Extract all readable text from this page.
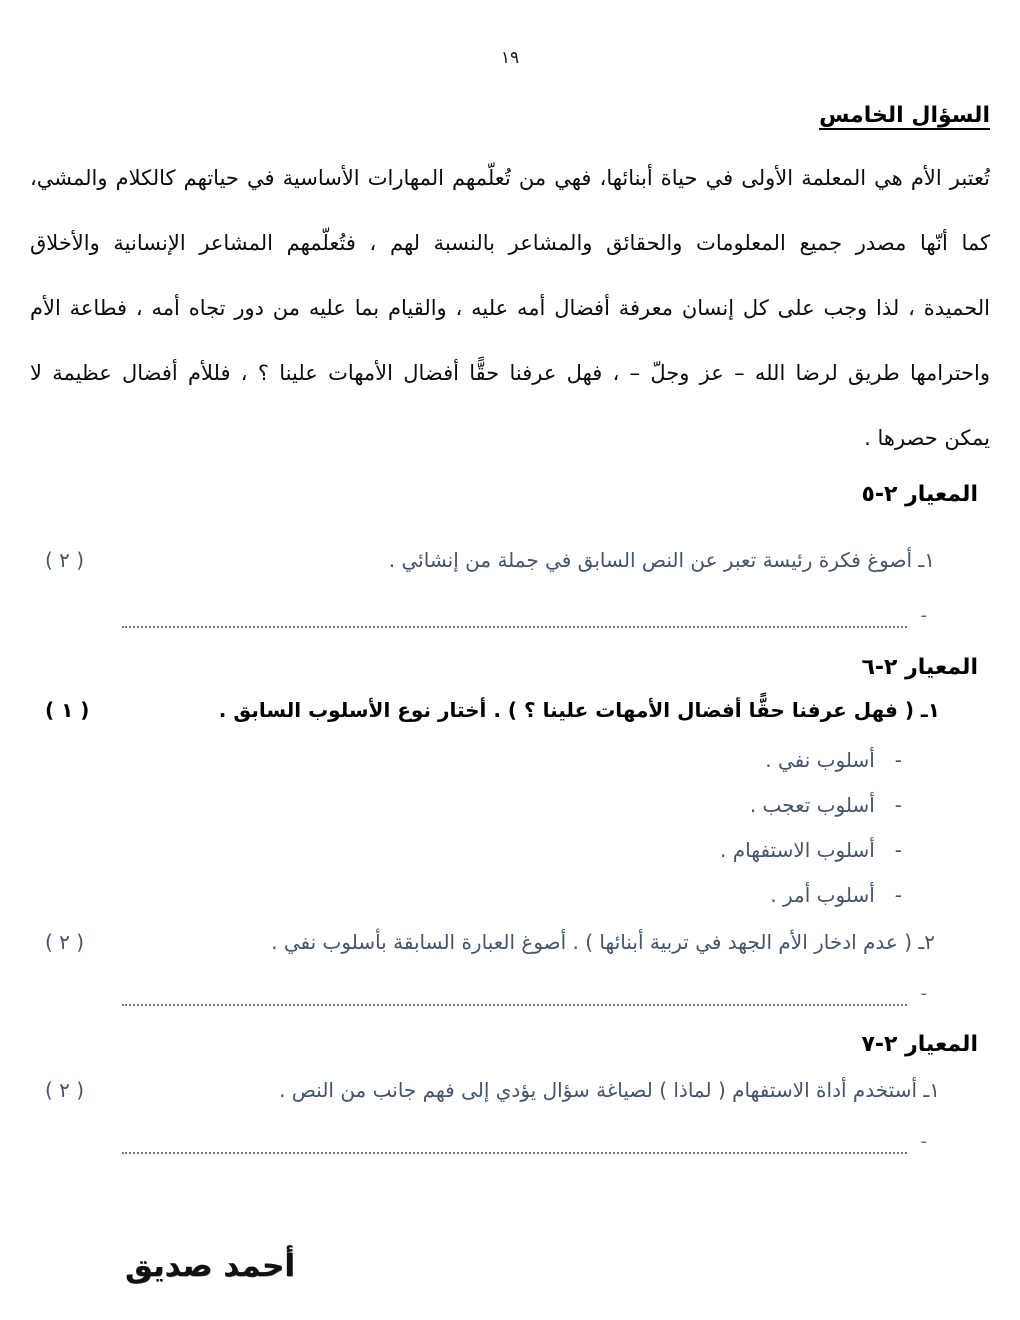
١٩
السؤال الخامس
تُعتبر الأم هي المعلمة الأولى في حياة أبنائها، فهي من تُعلّمهم المهارات الأساسية في حياتهم كالكلام والمشي،
كما أنّها مصدر جميع المعلومات والحقائق والمشاعر بالنسبة لهم ، فتُعلّمهم المشاعر الإنسانية والأخلاق
الحميدة ، لذا وجب على كل إنسان معرفة أفضال أمه عليه ، والقيام بما عليه من دور تجاه أمه ، فطاعة الأم
واحترامها طريق لرضا الله – عز وجلّ – ، فهل عرفنا حقًّا أفضال الأمهات علينا ؟ ، فللأم أفضال عظيمة لا
يمكن حصرها .
المعيار ٢-٥
١ـ أصوغ فكرة رئيسة تعبر عن النص السابق في جملة من إنشائي .
( ٢ )
-
المعيار ٢-٦
١ـ ( فهل عرفنا حقًّا أفضال الأمهات علينا ؟ ) . أختار نوع الأسلوب السابق .
( ١ )
-
أسلوب نفي .
-
أسلوب تعجب .
-
أسلوب الاستفهام .
-
أسلوب أمر .
٢ـ ( عدم ادخار الأم الجهد في تربية أبنائها ) . أصوغ العبارة السابقة بأسلوب نفي .
( ٢ )
-
المعيار ٢-٧
١ـ أستخدم أداة الاستفهام ( لماذا ) لصياغة سؤال يؤدي إلى فهم جانب من النص .
( ٢ )
-
أحمد صديق
